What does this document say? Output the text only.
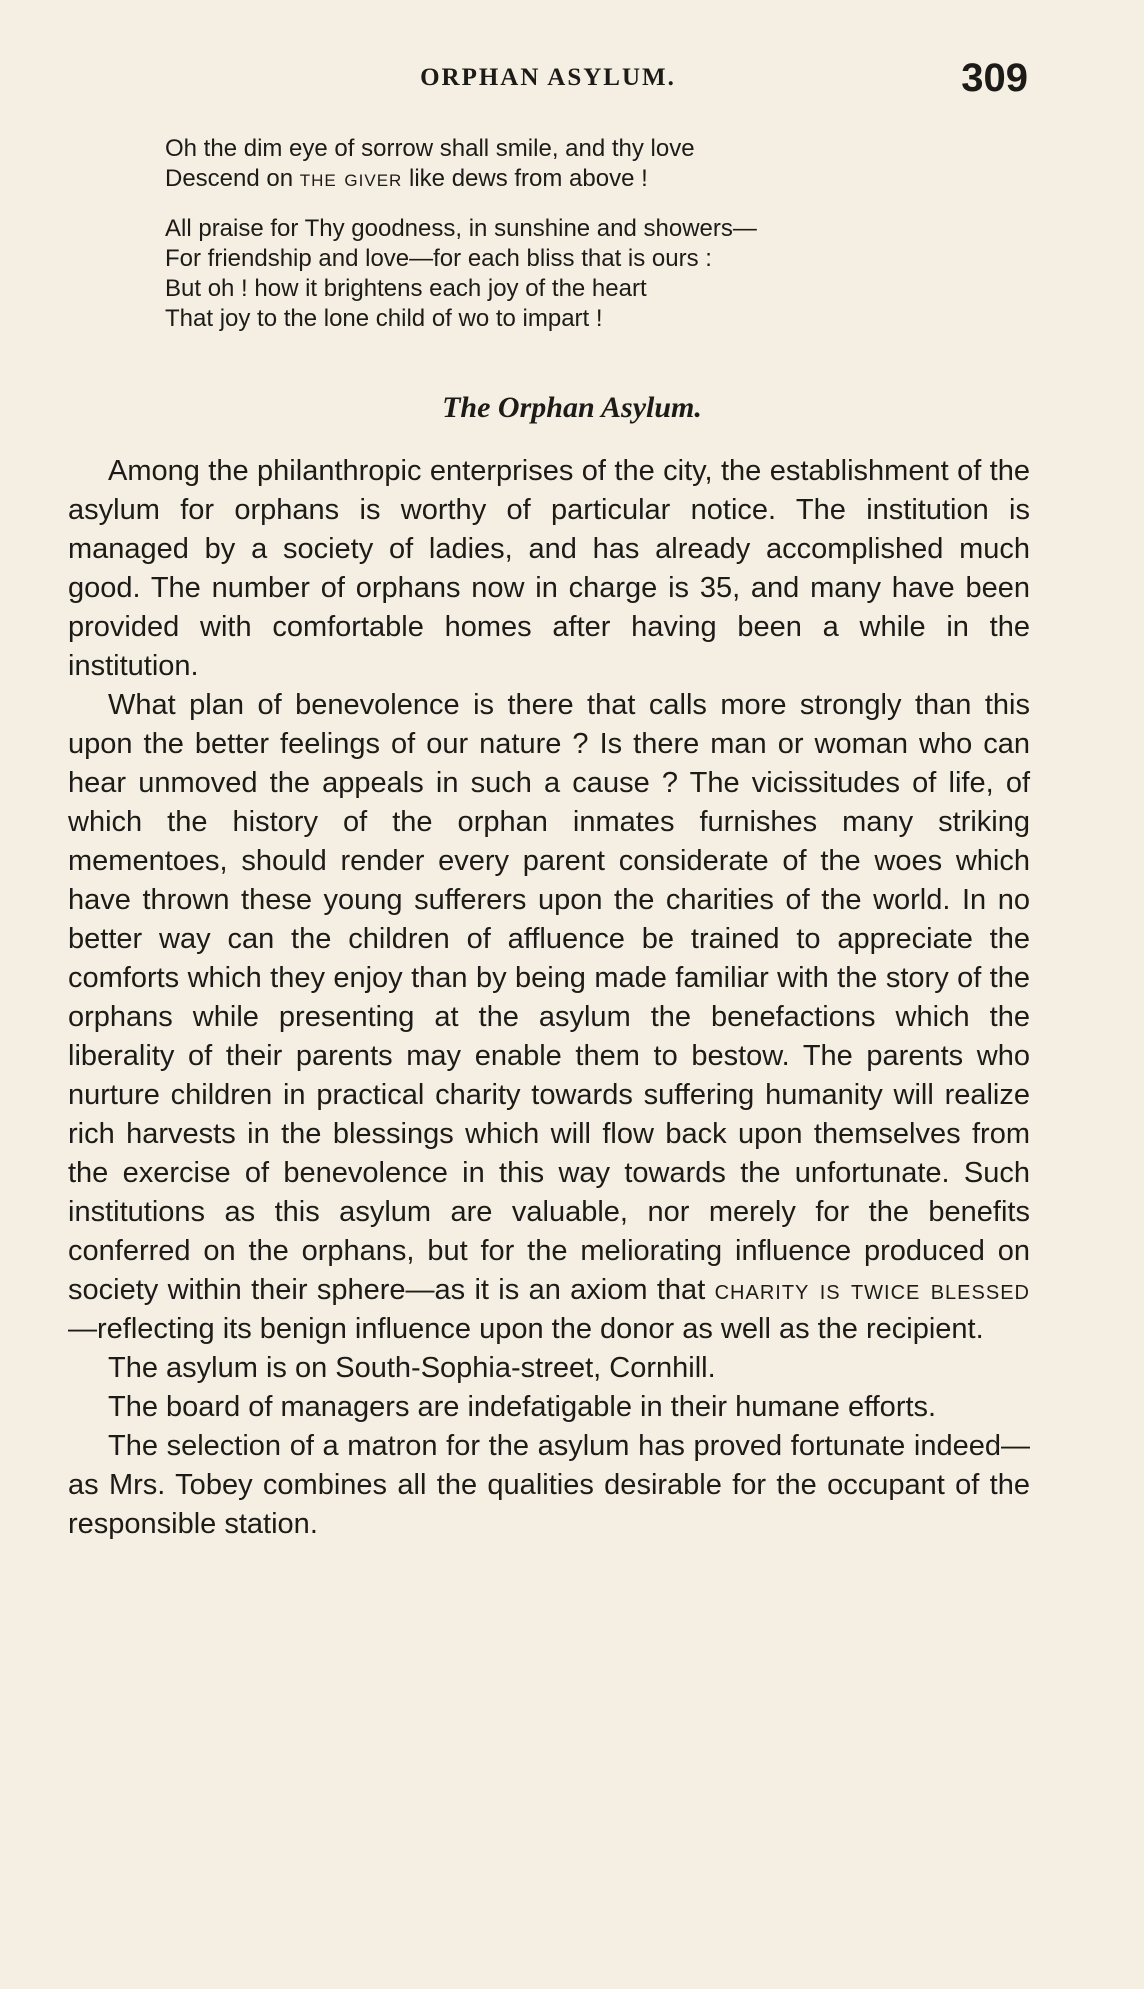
ORPHAN ASYLUM.	309
Oh the dim eye of sorrow shall smile, and thy love
Descend on the giver like dews from above !
All praise for Thy goodness, in sunshine and showers—
For friendship and love—for each bliss that is ours :
But oh ! how it brightens each joy of the heart
That joy to the lone child of wo to impart !
The Orphan Asylum.

Among the philanthropic enterprises of the city, the establishment of the asylum for orphans is worthy of particular notice. The institution is managed by a society of ladies, and has already accomplished much good. The number of orphans now in charge is 35, and many have been provided with comfortable homes after having been a while in the institution.

What plan of benevolence is there that calls more strongly than this upon the better feelings of our nature ? Is there man or woman who can hear unmoved the appeals in such a cause ? The vicissitudes of life, of which the history of the orphan inmates furnishes many striking mementoes, should render every parent considerate of the woes which have thrown these young sufferers upon the charities of the world. In no better way can the children of affluence be trained to appreciate the comforts which they enjoy than by being made familiar with the story of the orphans while presenting at the asylum the benefactions which the liberality of their parents may enable them to bestow. The parents who nurture children in practical charity towards suffering humanity will realize rich harvests in the blessings which will flow back upon themselves from the exercise of benevolence in this way towards the unfortunate. Such institutions as this asylum are valuable, nor merely for the benefits conferred on the orphans, but for the meliorating influence produced on society within their sphere—as it is an axiom that charity is twice blessed—reflecting its benign influence upon the donor as well as the recipient.

The asylum is on South-Sophia-street, Cornhill.

The board of managers are indefatigable in their humane efforts.

The selection of a matron for the asylum has proved fortunate indeed—as Mrs. Tobey combines all the qualities desirable for the occupant of the responsible station.
